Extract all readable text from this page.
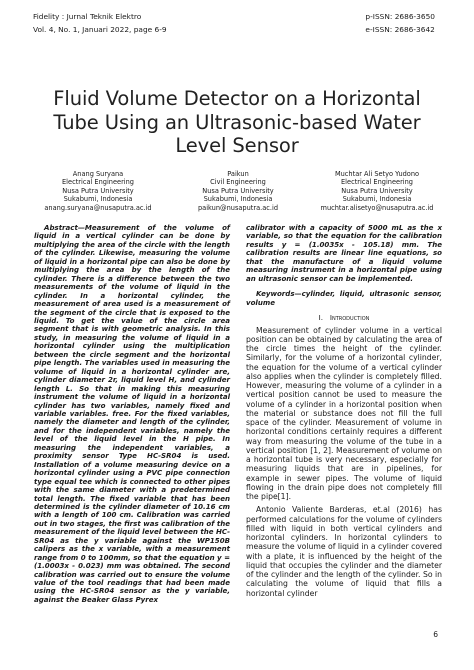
Fidelity : Jurnal Teknik Elektro
Vol. 4, No. 1, Januari 2022, page 6-9
p-ISSN: 2686-3650
e-ISSN: 2686-3642
Fluid Volume Detector on a Horizontal Tube Using an Ultrasonic-based Water Level Sensor
Anang Suryana
Electrical Engineering
Nusa Putra University
Sukabumi, Indonesia
anang.suryana@nusaputra.ac.id
Paikun
Civil Engineering
Nusa Putra University
Sukabumi, Indonesia
paikun@nusaputra.ac.id
Muchtar Ali Setyo Yudono
Electrical Engineering
Nusa Putra University
Sukabumi, Indonesia
muchtar.alisetyo@nusaputra.ac.id

Abstract—Measurement of the volume of liquid in a vertical cylinder can be done by multiplying the area of the circle with the length of the cylinder. Likewise, measuring the volume of liquid in a horizontal pipe can also be done by multiplying the area by the length of the cylinder. There is a difference between the two measurements of the volume of liquid in the cylinder. In a horizontal cylinder, the measurement of area used is a measurement of the segment of the circle that is exposed to the liquid. To get the value of the circle area segment that is with geometric analysis. In this study, in measuring the volume of liquid in a horizontal cylinder using the multiplication between the circle segment and the horizontal pipe length. The variables used in measuring the volume of liquid in a horizontal cylinder are, cylinder diameter 2r, liquid level H, and cylinder length L. So that in making this measuring instrument the volume of liquid in a horizontal cylinder has two variables, namely fixed and variable variables. free. For the fixed variables, namely the diameter and length of the cylinder, and for the independent variables, namely the level of the liquid level in the H pipe. In measuring the independent variables, a proximity sensor Type HC-SR04 is used. Installation of a volume measuring device on a horizontal cylinder using a PVC pipe connection type equal tee which is connected to other pipes with the same diameter with a predetermined total length. The fixed variable that has been determined is the cylinder diameter of 10.16 cm with a length of 100 cm. Calibration was carried out in two stages, the first was calibration of the measurement of the liquid level between the HC-SR04 as the y variable against the WP150B calipers as the x variable, with a measurement range from 0 to 100mm, so that the equation y = (1.0003x - 0.023) mm was obtained. The second calibration was carried out to ensure the volume value of the tool readings that had been made using the HC-SR04 sensor as the y variable, against the Beaker Glass Pyrex

calibrator with a capacity of 5000 mL as the x variable, so that the equation for the calibration results y = (1.0035x - 105.18) mm. The calibration results are linear line equations, so that the manufacture of a liquid volume measuring instrument in a horizontal pipe using an ultrasonic sensor can be implemented.

Keywords—cylinder, liquid, ultrasonic sensor, volume

I. Introduction

Measurement of cylinder volume in a vertical position can be obtained by calculating the area of the circle times the height of the cylinder. Similarly, for the volume of a horizontal cylinder, the equation for the volume of a vertical cylinder also applies when the cylinder is completely filled. However, measuring the volume of a cylinder in a vertical position cannot be used to measure the volume of a cylinder in a horizontal position when the material or substance does not fill the full space of the cylinder. Measurement of volume in horizontal conditions certainly requires a different way from measuring the volume of the tube in a vertical position [1, 2]. Measurement of volume on a horizontal tube is very necessary, especially for measuring liquids that are in pipelines, for example in sewer pipes. The volume of liquid flowing in the drain pipe does not completely fill the pipe[1].

Antonio Valiente Barderas, et.al (2016) has performed calculations for the volume of cylinders filled with liquid in both vertical cylinders and horizontal cylinders. In horizontal cylinders to measure the volume of liquid in a cylinder covered with a plate, it is influenced by the height of the liquid that occupies the cylinder and the diameter of the cylinder and the length of the cylinder. So in calculating the volume of liquid that fills a horizontal cylinder

6
